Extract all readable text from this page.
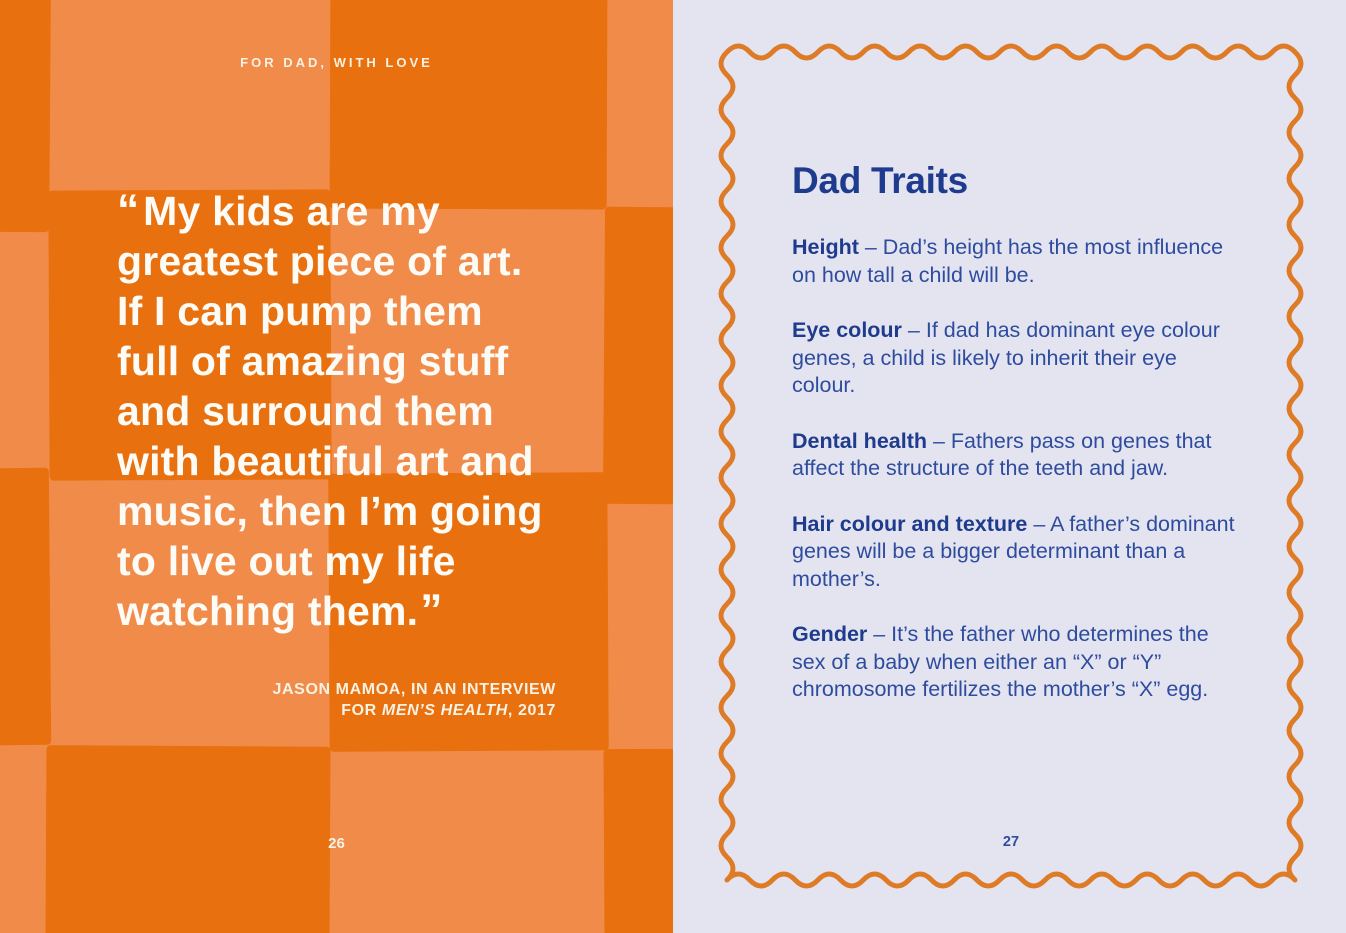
FOR DAD, WITH LOVE
“ My kids are my
greatest piece of art.
If I can pump them
full of amazing stuff
and surround them
with beautiful art and
music, then I’m going
to live out my life
watching them.”
JASON MAMOA, IN AN INTERVIEW
FOR MEN’S HEALTH, 2017
26
Dad Traits

Height – Dad’s height has the most influence on how tall a child will be.

Eye colour – If dad has dominant eye colour genes, a child is likely to inherit their eye colour.

Dental health – Fathers pass on genes that affect the structure of the teeth and jaw.

Hair colour and texture – A father’s dominant genes will be a bigger determinant than a mother’s.

Gender – It’s the father who determines the sex of a baby when either an “X” or “Y” chromosome fertilizes the mother’s “X” egg.

27
